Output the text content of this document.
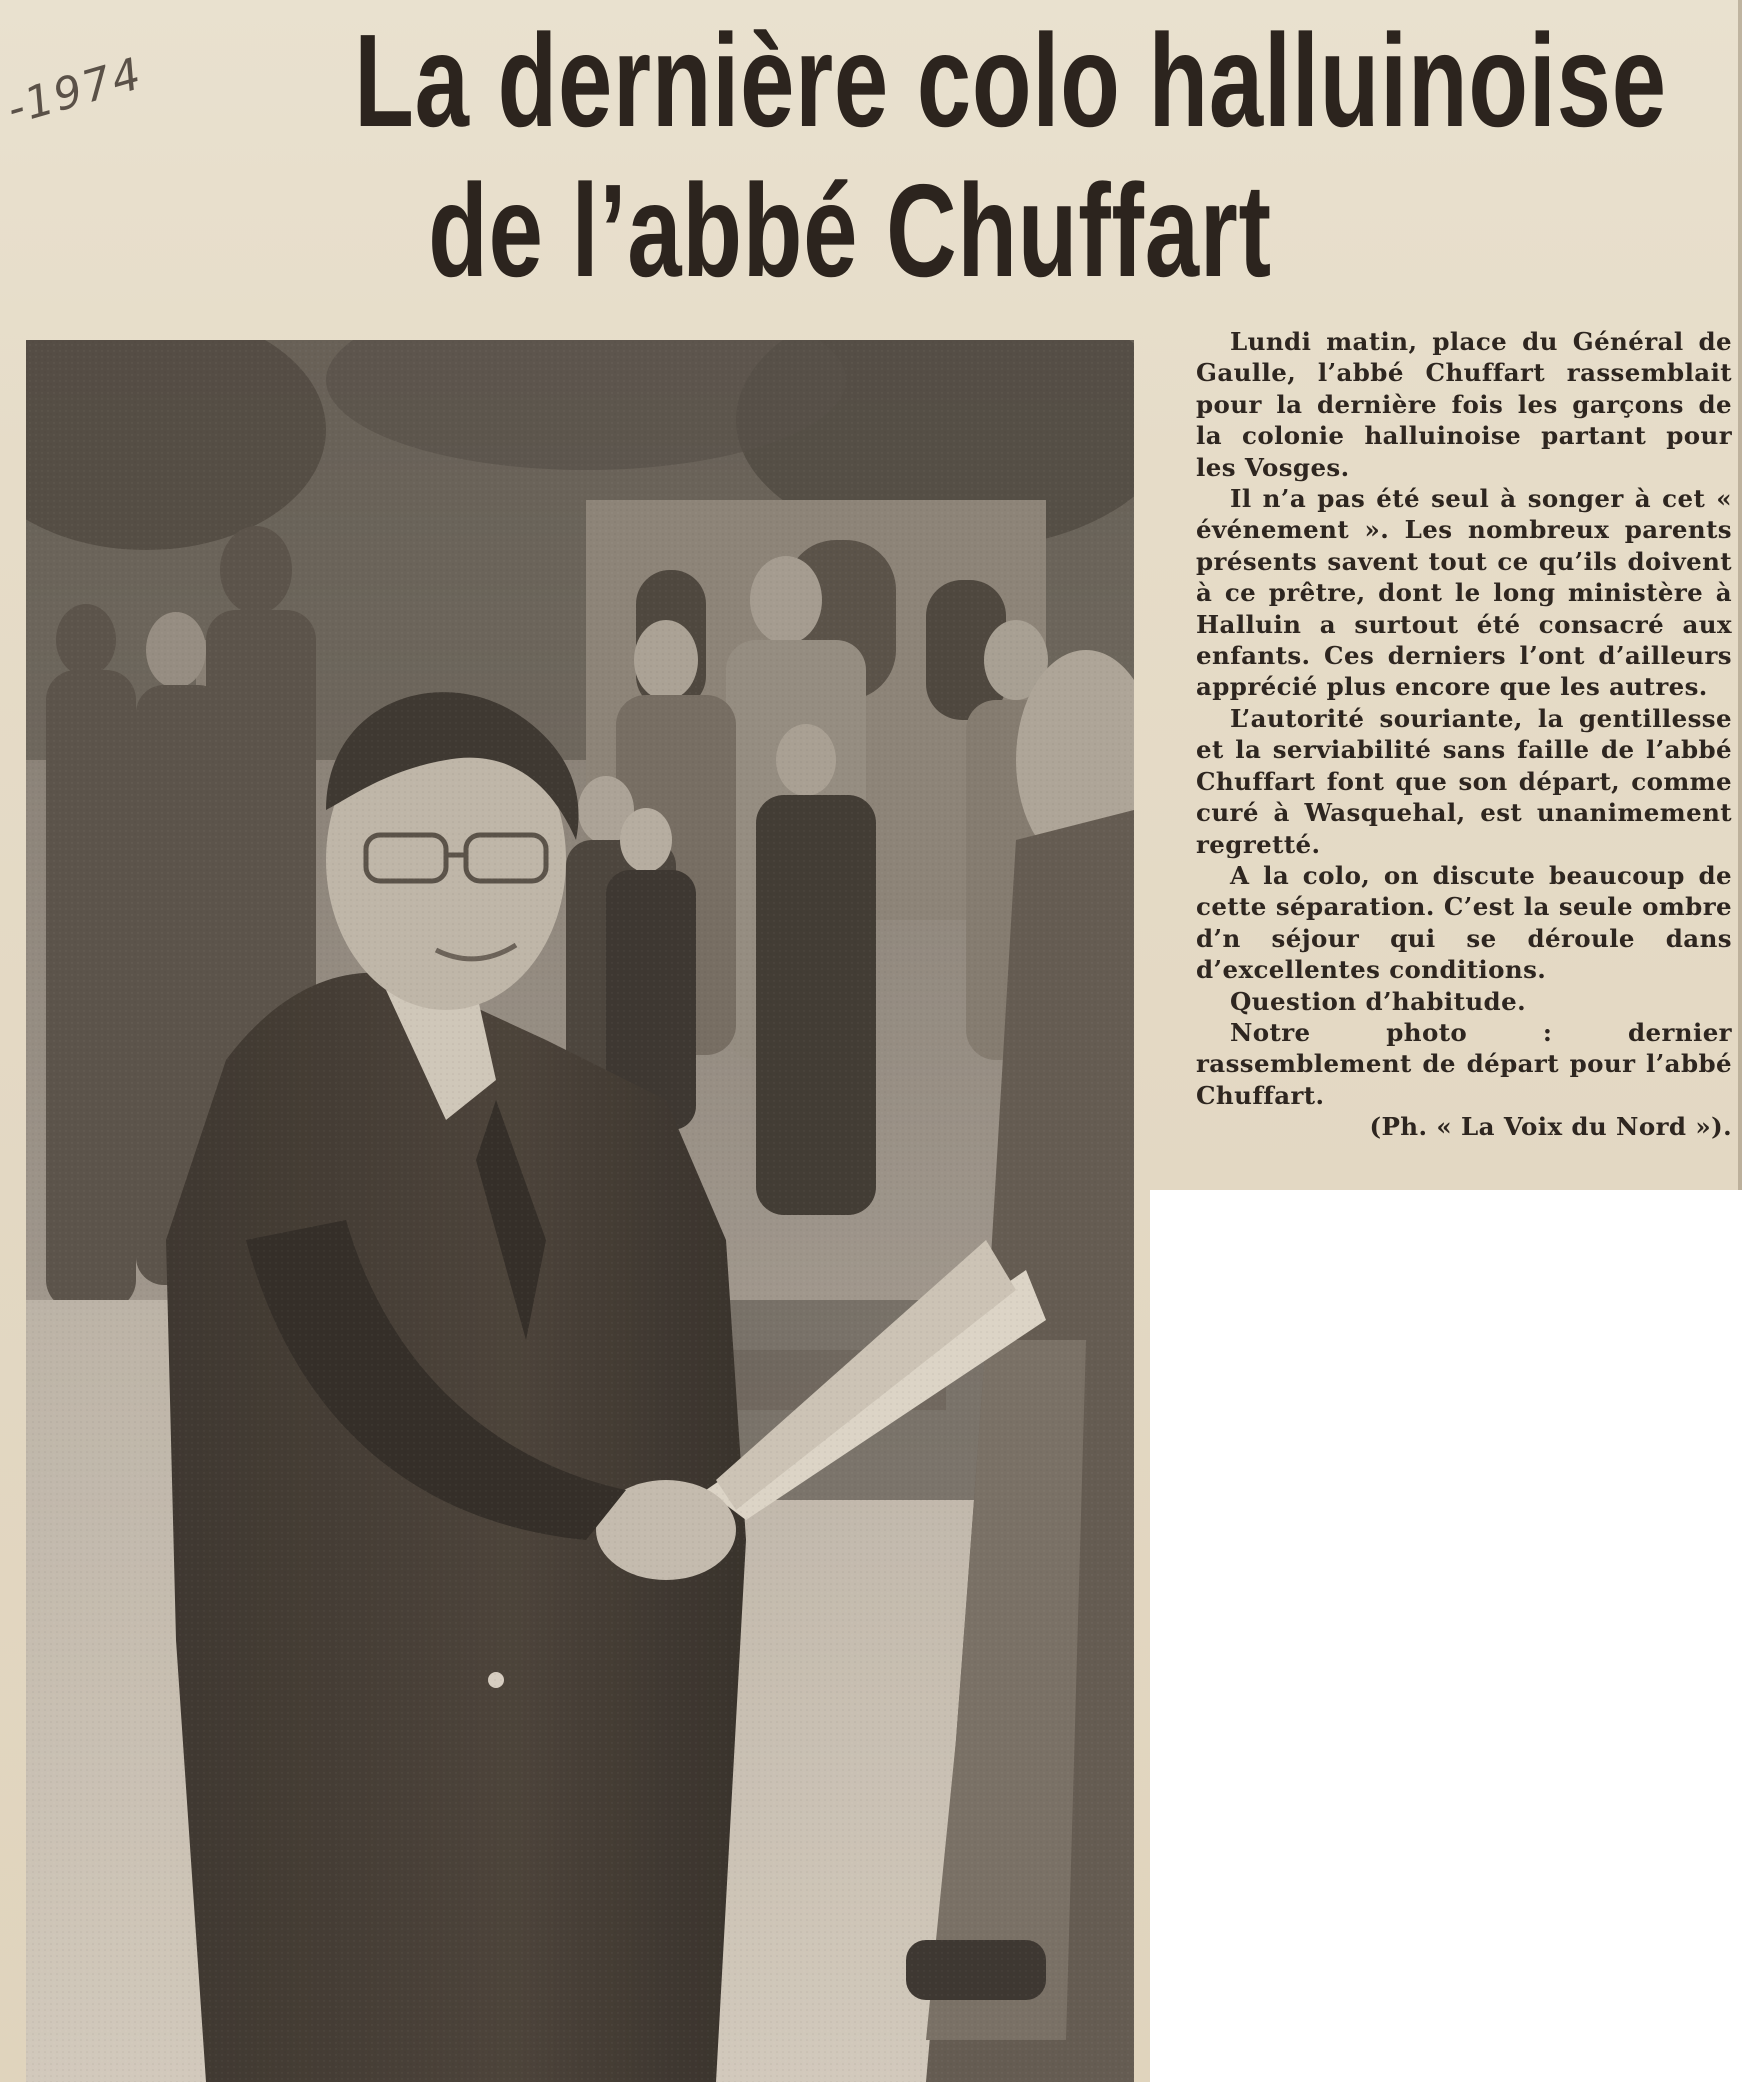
-1974 La dernière colo halluinoise
de l’abbé Chuffart

Lundi matin, place du Général de Gaulle, l’abbé Chuffart rassemblait pour la dernière fois les garçons de la colonie halluinoise partant pour les Vosges.

Il n’a pas été seul à songer à cet « événement ». Les nombreux parents présents savent tout ce qu’ils doivent à ce prêtre, dont le long ministère à Halluin a surtout été consacré aux enfants. Ces derniers l’ont d’ailleurs apprécié plus encore que les autres.

L’autorité souriante, la gentillesse et la serviabilité sans faille de l’abbé Chuffart font que son départ, comme curé à Wasquehal, est unanimement regretté.

A la colo, on discute beaucoup de cette séparation. C’est la seule ombre d’n séjour qui se déroule dans d’excellentes conditions.

Question d’habitude.

Notre photo : dernier rassemblement de départ pour l’abbé Chuffart.

(Ph. « La Voix du Nord »).
